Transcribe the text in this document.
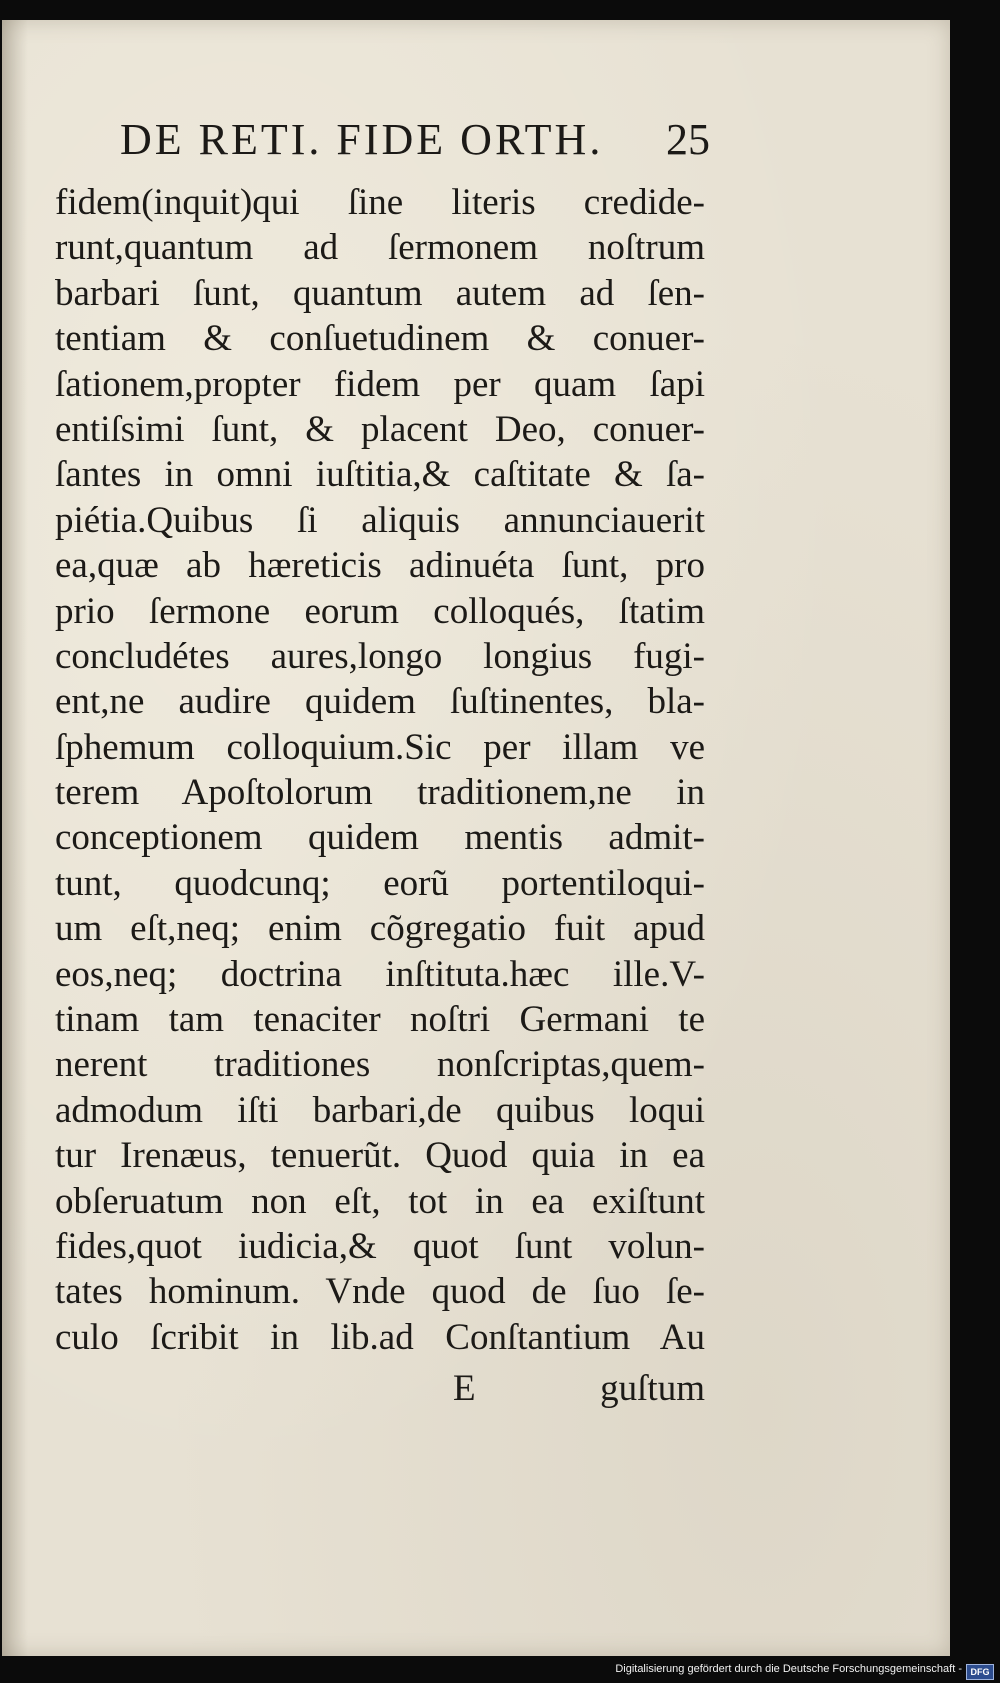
DE RETI. FIDE ORTH. 25
fidem(inquit)qui ſine literis credide-
runt,quantum ad ſermonem noſtrum
barbari ſunt, quantum autem ad ſen-
tentiam & conſuetudinem & conuer-
ſationem,propter fidem per quam ſapi
entiſsimi ſunt, & placent Deo, conuer-
ſantes in omni iuſtitia,& caſtitate & ſa-
piétia.Quibus ſi aliquis annunciauerit
ea,quæ ab hæreticis adinuéta ſunt, pro
prio ſermone eorum colloqués, ſtatim
concludétes aures,longo longius fugi-
ent,ne audire quidem ſuſtinentes, bla-
ſphemum colloquium.Sic per illam ve
terem Apoſtolorum traditionem,ne in
conceptionem quidem mentis admit-
tunt, quodcunq; eorũ portentiloqui-
um eſt,neq; enim cõgregatio fuit apud
eos,neq; doctrina inſtituta.hæc ille.V-
tinam tam tenaciter noſtri Germani te
nerent traditiones nonſcriptas,quem-
admodum iſti barbari,de quibus loqui
tur Irenæus, tenuerũt. Quod quia in ea
obſeruatum non eſt, tot in ea exiſtunt
fides,quot iudicia,& quot ſunt volun-
tates hominum. Vnde quod de ſuo ſe-
culo ſcribit in lib.ad Conſtantium Au
E	guſtum
Digitalisierung gefördert durch die Deutsche Forschungsgemeinschaft - DFG
